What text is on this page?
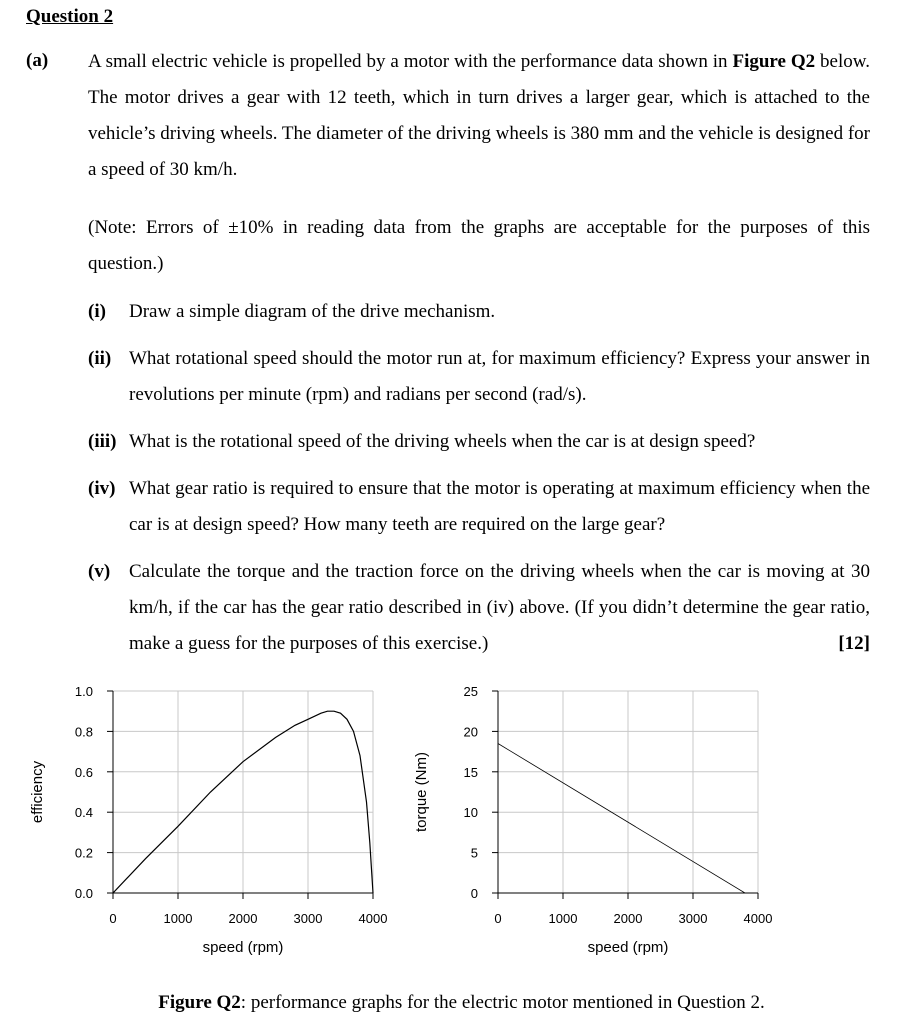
Question 2
(a) A small electric vehicle is propelled by a motor with the performance data shown in Figure Q2 below. The motor drives a gear with 12 teeth, which in turn drives a larger gear, which is attached to the vehicle’s driving wheels. The diameter of the driving wheels is 380 mm and the vehicle is designed for a speed of 30 km/h.

(Note: Errors of ±10% in reading data from the graphs are acceptable for the purposes of this question.)

(i) Draw a simple diagram of the drive mechanism.
(ii) What rotational speed should the motor run at, for maximum efficiency? Express your answer in revolutions per minute (rpm) and radians per second (rad/s).
(iii) What is the rotational speed of the driving wheels when the car is at design speed?
(iv) What gear ratio is required to ensure that the motor is operating at maximum efficiency when the car is at design speed? How many teeth are required on the large gear?
(v) Calculate the torque and the traction force on the driving wheels when the car is moving at 30 km/h, if the car has the gear ratio described in (iv) above. (If you didn’t determine the gear ratio, make a guess for the purposes of this exercise.)	[12]
0.0
0.2
0.4
0.6
0.8
1.0
0	1000	2000	3000	4000
speed (rpm)
efficiency
0
5
10
15
20
25
0	1000	2000	3000	4000
speed (rpm)
torque (Nm)
Figure Q2: performance graphs for the electric motor mentioned in Question 2.
